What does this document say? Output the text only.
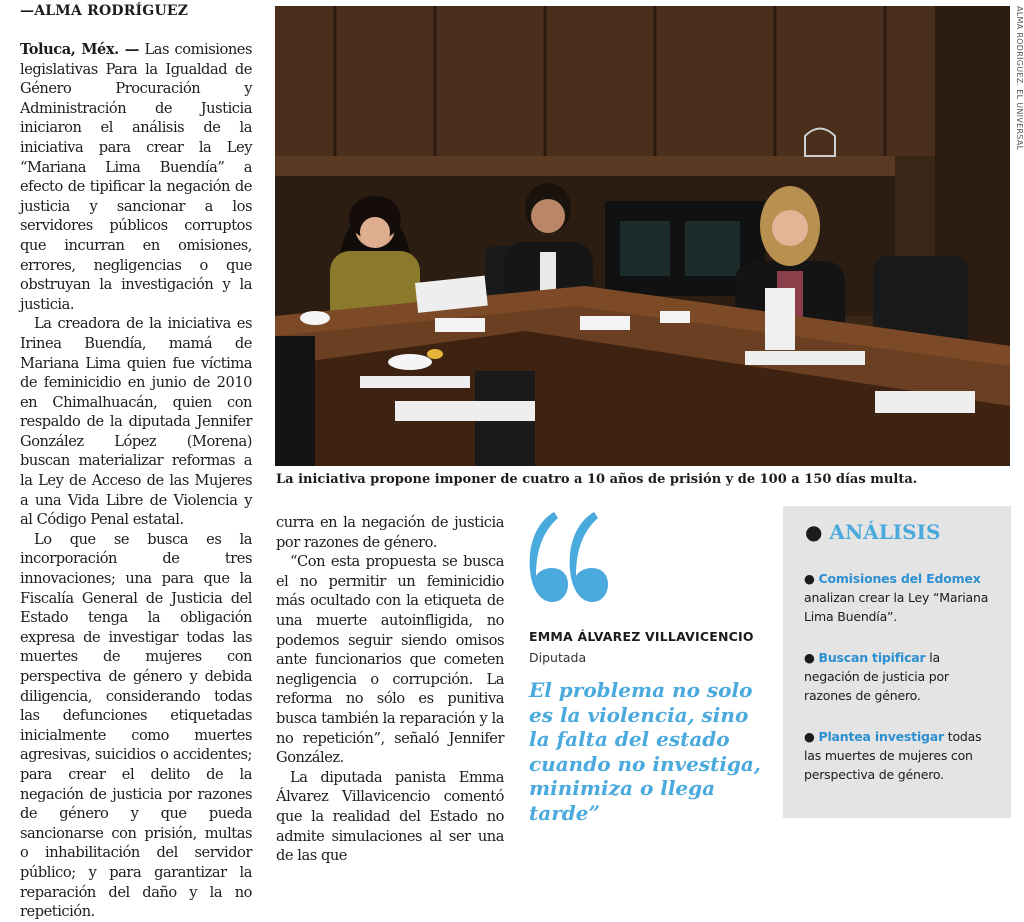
—ALMA RODRÍGUEZ

Toluca, Méx. — Las comisiones legislativas Para la Igualdad de Género Procuración y Administración de Justicia iniciaron el análisis de la iniciativa para crear la Ley “Mariana Lima Buendía” a efecto de tipificar la negación de justicia y sancionar a los servidores públicos corruptos que incurran en omisiones, errores, negligencias o que obstruyan la investigación y la justicia.

La creadora de la iniciativa es Irinea Buendía, mamá de Mariana Lima quien fue víctima de feminicidio en junio de 2010 en Chimalhuacán, quien con respaldo de la diputada Jennifer González López (Morena) buscan materializar reformas a la Ley de Acceso de las Mujeres a una Vida Libre de Violencia y al Código Penal estatal.

Lo que se busca es la incorporación de tres innovaciones; una para que la Fiscalía General de Justicia del Estado tenga la obligación expresa de investigar todas las muertes de mujeres con perspectiva de género y debida diligencia, considerando todas las defunciones etiquetadas inicialmente como muertes agresivas, suicidios o accidentes; para crear el delito de la negación de justicia por razones de género y que pueda sancionarse con prisión, multas o inhabilitación del servidor público; y para garantizar la reparación del daño y la no repetición.

ALMA RODRÍGUEZ. EL UNIVERSAL
La iniciativa propone imponer de cuatro a 10 años de prisión y de 100 a 150 días multa.

curra en la negación de justicia por razones de género.

“Con esta propuesta se busca el no permitir un feminicidio más ocultado con la etiqueta de una muerte autoinfligida, no podemos seguir siendo omisos ante funcionarios que cometen negligencia o corrupción. La reforma no sólo es punitiva busca también la reparación y la no repetición”, señaló Jennifer González.

La diputada panista Emma Álvarez Villavicencio comentó que la realidad del Estado no admite simulaciones al ser una de las que

EMMA ÁLVAREZ VILLAVICENCIO
Diputada
El problema no solo es la violencia, sino la falta del estado cuando no investiga, minimiza o llega tarde”
● ANÁLISIS
● Comisiones del Edomex analizan crear la Ley “Mariana Lima Buendía”.
● Buscan tipificar la negación de justicia por razones de género.
● Plantea investigar todas las muertes de mujeres con perspectiva de género.
